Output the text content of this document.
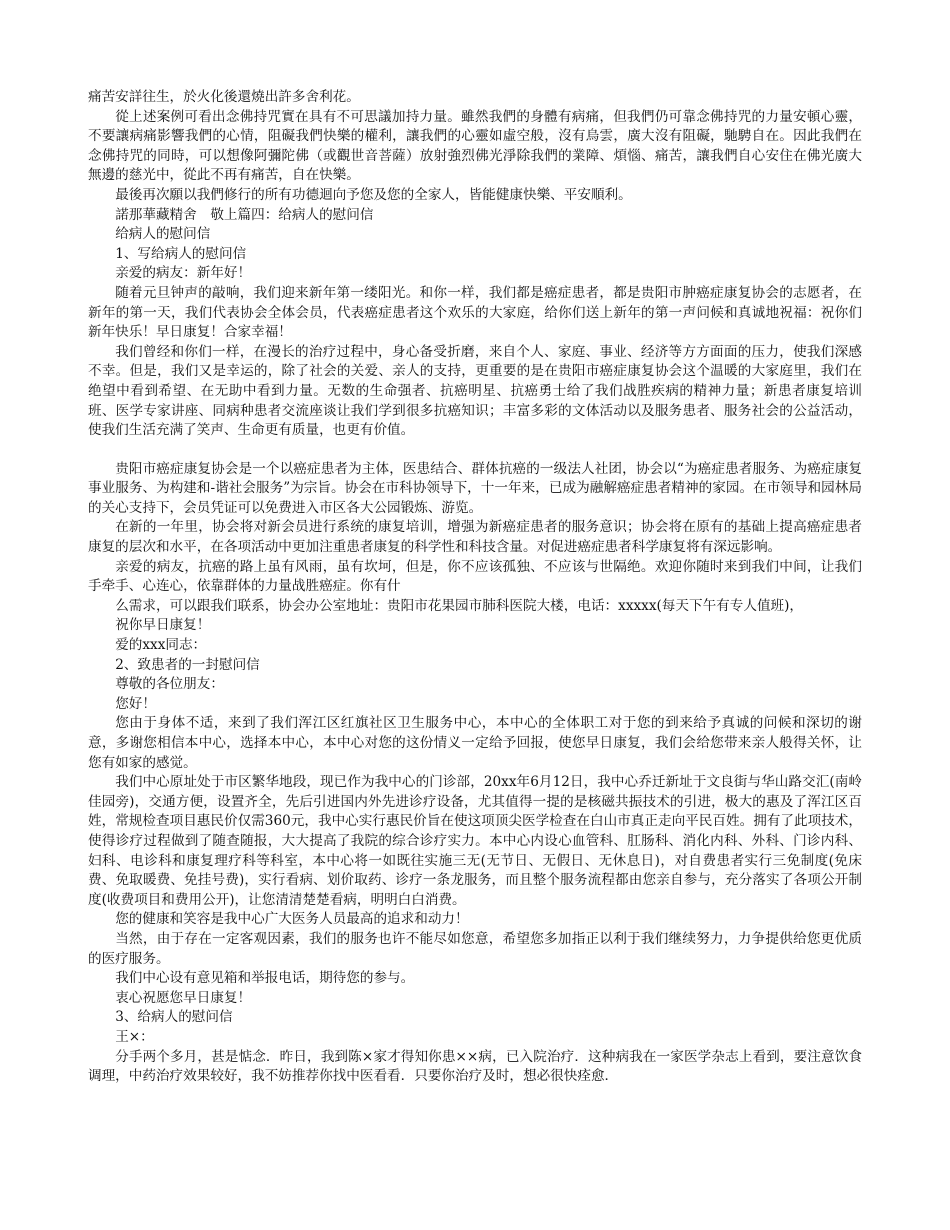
痛苦安詳往生，於火化後還燒出許多舍利花。

從上述案例可看出念佛持咒實在具有不可思議加持力量。雖然我們的身體有病痛，但我們仍可靠念佛持咒的力量安頓心靈，不要讓病痛影響我們的心情，阻礙我們快樂的權利，讓我們的心靈如虛空般，沒有烏雲，廣大沒有阻礙，馳騁自在。因此我們在念佛持咒的同時，可以想像阿彌陀佛（或觀世音菩薩）放射強烈佛光淨除我們的業障、煩惱、痛苦，讓我們自心安住在佛光廣大無邊的慈光中，從此不再有痛苦，自在快樂。

最後再次願以我們修行的所有功德迴向予您及您的全家人，皆能健康快樂、平安順利。

諾那華藏精舍　敬上篇四：给病人的慰问信

给病人的慰问信

1、写给病人的慰问信

亲爱的病友：新年好！

随着元旦钟声的敲响，我们迎来新年第一缕阳光。和你一样，我们都是癌症患者，都是贵阳市肿癌症康复协会的志愿者，在新年的第一天，我们代表协会全体会员，代表癌症患者这个欢乐的大家庭，给你们送上新年的第一声问候和真诚地祝福：祝你们新年快乐！早日康复！合家幸福！

我们曾经和你们一样，在漫长的治疗过程中，身心备受折磨，来自个人、家庭、事业、经济等方方面面的压力，使我们深感不幸。但是，我们又是幸运的，除了社会的关爱、亲人的支持，更重要的是在贵阳市癌症康复协会这个温暖的大家庭里，我们在绝望中看到希望、在无助中看到力量。无数的生命强者、抗癌明星、抗癌勇士给了我们战胜疾病的精神力量；新患者康复培训班、医学专家讲座、同病种患者交流座谈让我们学到很多抗癌知识；丰富多彩的文体活动以及服务患者、服务社会的公益活动，使我们生活充满了笑声、生命更有质量，也更有价值。

贵阳市癌症康复协会是一个以癌症患者为主体，医患结合、群体抗癌的一级法人社团，协会以“为癌症患者服务、为癌症康复事业服务、为构建和-谐社会服务”为宗旨。协会在市科协领导下，十一年来，已成为融解癌症患者精神的家园。在市领导和园林局的关心支持下，会员凭证可以免费进入市区各大公园锻炼、游览。

在新的一年里，协会将对新会员进行系统的康复培训，增强为新癌症患者的服务意识；协会将在原有的基础上提高癌症患者康复的层次和水平，在各项活动中更加注重患者康复的科学性和科技含量。对促进癌症患者科学康复将有深远影响。

亲爱的病友，抗癌的路上虽有风雨，虽有坎坷，但是，你不应该孤独、不应该与世隔绝。欢迎你随时来到我们中间，让我们手牵手、心连心，依靠群体的力量战胜癌症。你有什

么需求，可以跟我们联系，协会办公室地址：贵阳市花果园市肺科医院大楼，电话：xxxxx(每天下午有专人值班)，

祝你早日康复！

爱的xxx同志：

2、致患者的一封慰问信

尊敬的各位朋友：

您好！

您由于身体不适，来到了我们浑江区红旗社区卫生服务中心，本中心的全体职工对于您的到来给予真诚的问候和深切的谢意，多谢您相信本中心，选择本中心，本中心对您的这份情义一定给予回报，使您早日康复，我们会给您带来亲人般得关怀，让您有如家的感觉。

我们中心原址处于市区繁华地段，现已作为我中心的门诊部，20xx年6月12日，我中心乔迁新址于文良街与华山路交汇(南岭佳园旁)，交通方便，设置齐全，先后引进国内外先进诊疗设备，尤其值得一提的是核磁共振技术的引进，极大的惠及了浑江区百姓，常规检查项目惠民价仅需360元，我中心实行惠民价旨在使这项顶尖医学检查在白山市真正走向平民百姓。拥有了此项技术，使得诊疗过程做到了随查随报，大大提高了我院的综合诊疗实力。本中心内设心血管科、肛肠科、消化内科、外科、门诊内科、妇科、电诊科和康复理疗科等科室，本中心将一如既往实施三无(无节日、无假日、无休息日)，对自费患者实行三免制度(免床费、免取暖费、免挂号费)，实行看病、划价取药、诊疗一条龙服务，而且整个服务流程都由您亲自参与，充分落实了各项公开制度(收费项目和费用公开)，让您清清楚楚看病，明明白白消费。

您的健康和笑容是我中心广大医务人员最高的追求和动力！

当然，由于存在一定客观因素，我们的服务也许不能尽如您意，希望您多加指正以利于我们继续努力，力争提供给您更优质的医疗服务。

我们中心设有意见箱和举报电话，期待您的参与。

衷心祝愿您早日康复！

3、给病人的慰问信

王×：

分手两个多月，甚是惦念．昨日，我到陈×家才得知你患××病，已入院治疗．这种病我在一家医学杂志上看到，要注意饮食调理，中药治疗效果较好，我不妨推荐你找中医看看．只要你治疗及时，想必很快痊愈．
